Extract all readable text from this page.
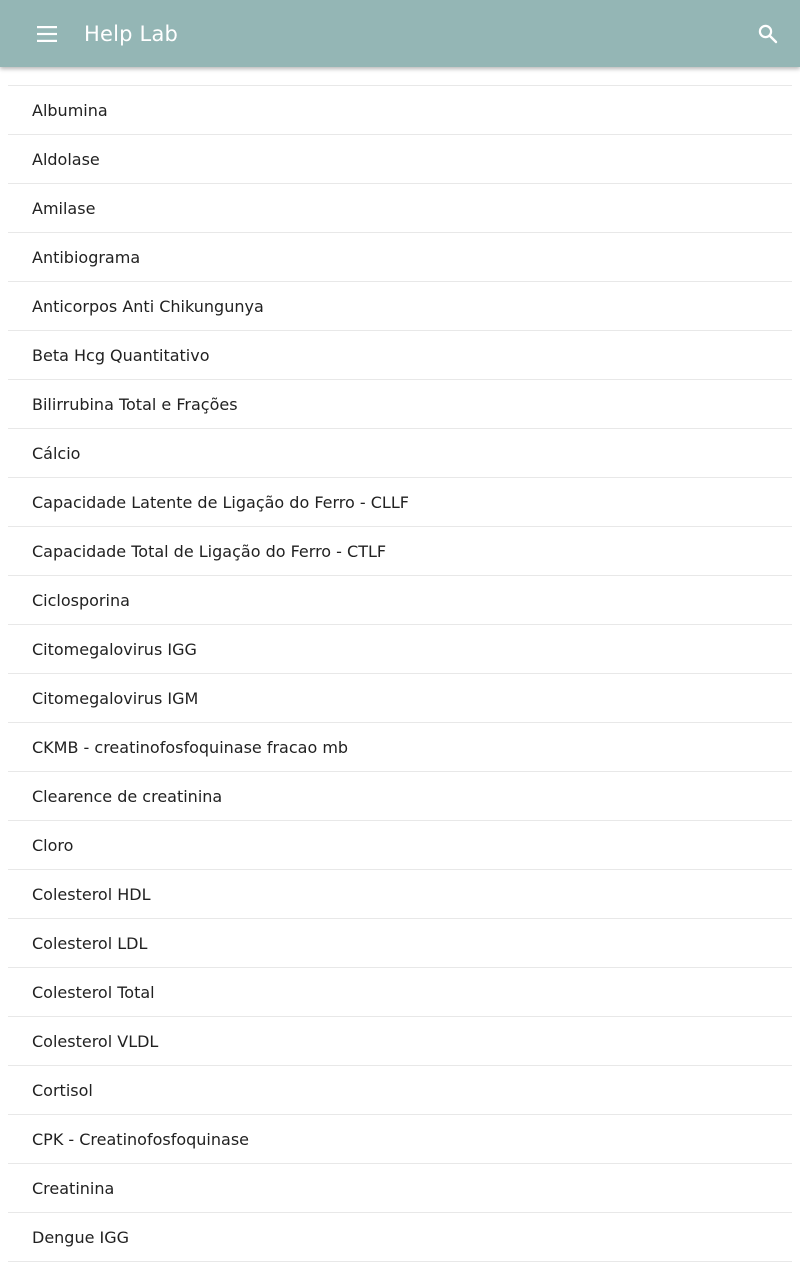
Help Lab
Albumina
Aldolase
Amilase
Antibiograma
Anticorpos Anti Chikungunya
Beta Hcg Quantitativo
Bilirrubina Total e Frações
Cálcio
Capacidade Latente de Ligação do Ferro - CLLF
Capacidade Total de Ligação do Ferro - CTLF
Ciclosporina
Citomegalovirus IGG
Citomegalovirus IGM
CKMB - creatinofosfoquinase fracao mb
Clearence de creatinina
Cloro
Colesterol HDL
Colesterol LDL
Colesterol Total
Colesterol VLDL
Cortisol
CPK - Creatinofosfoquinase
Creatinina
Dengue IGG
